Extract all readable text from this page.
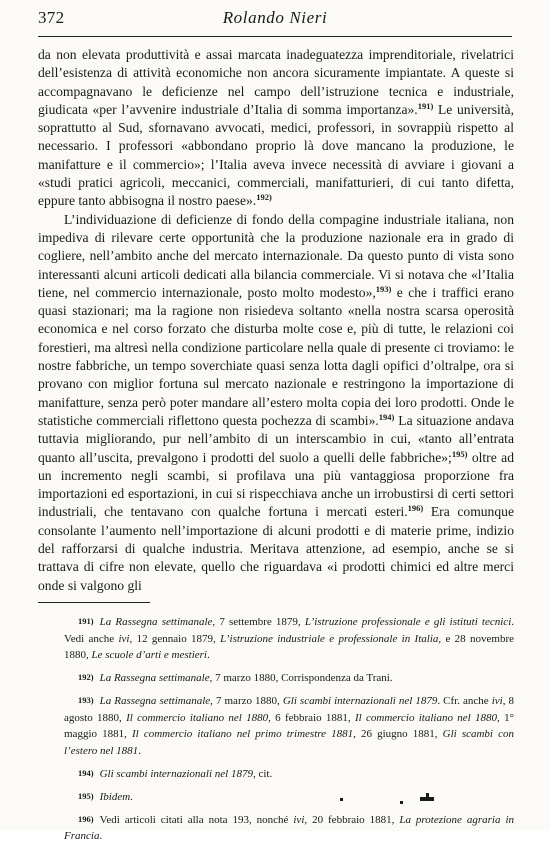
372	Rolando Nieri

da non elevata produttività e assai marcata inadeguatezza imprenditoriale, rivelatrici dell’esistenza di attività economiche non ancora sicuramente impiantate. A queste si accompagnavano le deficienze nel campo dell’istruzione tecnica e industriale, giudicata «per l’avvenire industriale d’Italia di somma importanza».$^{191)}$ Le università, soprattutto al Sud, sfornavano avvocati, medici, professori, in sovrappiù rispetto al necessario. I professori «abbondano proprio là dove mancano la produzione, le manifatture e il commercio»; l’Italia aveva invece necessità di avviare i giovani a «studi pratici agricoli, meccanici, commerciali, manifatturieri, di cui tanto difetta, eppure tanto abbisogna il nostro paese».$^{192)}$

L’individuazione di deficienze di fondo della compagine industriale italiana, non impediva di rilevare certe opportunità che la produzione nazionale era in grado di cogliere, nell’ambito anche del mercato internazionale. Da questo punto di vista sono interessanti alcuni articoli dedicati alla bilancia commerciale. Vi si notava che «l’Italia tiene, nel commercio internazionale, posto molto modesto»,$^{193)}$ e che i traffici erano quasi stazionari; ma la ragione non risiedeva soltanto «nella nostra scarsa operosità economica e nel corso forzato che disturba molte cose e, più di tutte, le relazioni coi forestieri, ma altresì nella condizione particolare nella quale di presente ci troviamo: le nostre fabbriche, un tempo soverchiate quasi senza lotta dagli opifici d’oltralpe, ora si provano con miglior fortuna sul mercato nazionale e restringono la importazione di manifatture, senza però poter mandare all’estero molta copia dei loro prodotti. Onde le statistiche commerciali riflettono questa pochezza di scambi».$^{194)}$ La situazione andava tuttavia migliorando, pur nell’ambito di un interscambio in cui, «tanto all’entrata quanto all’uscita, prevalgono i prodotti del suolo a quelli delle fabbriche»;$^{195)}$ oltre ad un incremento negli scambi, si profilava una più vantaggiosa proporzione fra importazioni ed esportazioni, in cui si rispecchiava anche un irrobustirsi di certi settori industriali, che tentavano con qualche fortuna i mercati esteri.$^{196)}$ Era comunque consolante l’aumento nell’importazione di alcuni prodotti e di materie prime, indizio del rafforzarsi di qualche industria. Meritava attenzione, ad esempio, anche se si trattava di cifre non elevate, quello che riguardava «i prodotti chimici ed altre merci onde si valgono gli

191) La Rassegna settimanale, 7 settembre 1879, L’istruzione professionale e gli istituti tecnici. Vedi anche ivi, 12 gennaio 1879, L’istruzione industriale e professionale in Italia, e 28 novembre 1880, Le scuole d’arti e mestieri.
192) La Rassegna settimanale, 7 marzo 1880, Corrispondenza da Trani.
193) La Rassegna settimanale, 7 marzo 1880, Gli scambi internazionali nel 1879. Cfr. anche ivi, 8 agosto 1880, Il commercio italiano nel 1880, 6 febbraio 1881, Il commercio italiano nel 1880, 1° maggio 1881, Il commercio italiano nel primo trimestre 1881, 26 giugno 1881, Gli scambi con l’estero nel 1881.
194) Gli scambi internazionali nel 1879, cit.
195) Ibidem.
196) Vedi articoli citati alla nota 193, nonché ivi, 20 febbraio 1881, La protezione agraria in Francia.
